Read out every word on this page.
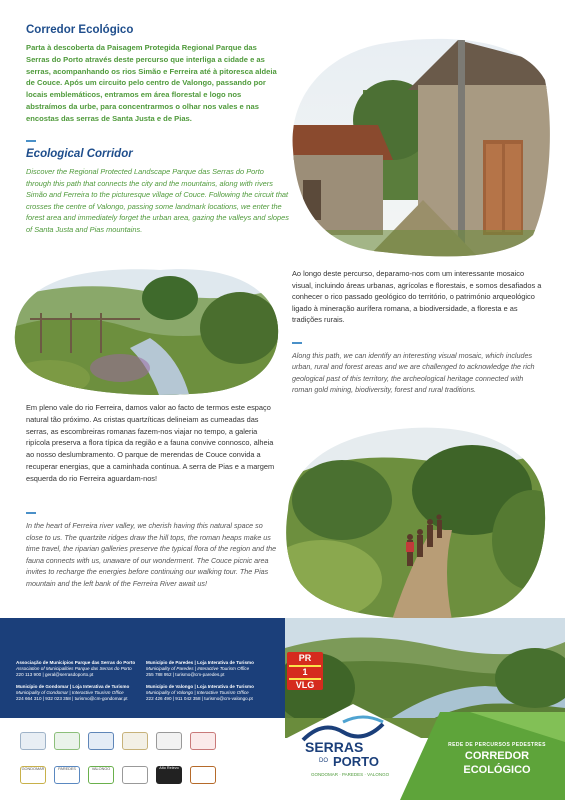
Corredor Ecológico
Parta à descoberta da Paisagem Protegida Regional Parque das Serras do Porto através deste percurso que interliga a cidade e as serras, acompanhando os rios Simão e Ferreira até à pitoresca aldeia de Couce. Após um circuito pelo centro de Valongo, passando por locais emblemáticos, entramos em área florestal e logo nos abstraímos da urbe, para concentrarmos o olhar nos vales e nas encostas das serras de Santa Justa e de Pias.
Ecological Corridor
Discover the Regional Protected Landscape Parque das Serras do Porto through this path that connects the city and the mountains, along with rivers Simão and Ferreira to the picturesque village of Couce. Following the circuit that crosses the centre of Valongo, passing some landmark locations, we enter the forest area and immediately forget the urban area, gazing the valleys and slopes of Santa Justa and Pias mountains.
Ao longo deste percurso, deparamo-nos com um interessante mosaico visual, incluindo áreas urbanas, agrícolas e florestais, e somos desafiados a conhecer o rico passado geológico do território, o património arqueológico ligado à mineração aurífera romana, a biodiversidade, a floresta e as tradições rurais.
Along this path, we can identify an interesting visual mosaic, which includes urban, rural and forest areas and we are challenged to acknowledge the rich geological past of this territory, the archeological heritage connected with roman gold mining, biodiversity, forest and rural traditions.
Em pleno vale do rio Ferreira, damos valor ao facto de termos este espaço natural tão próximo. As cristas quartzíticas delineiam as cumeadas das serras, as escombreiras romanas fazem-nos viajar no tempo, a galeria ripícola preserva a flora típica da região e a fauna convive connosco, alheia ao nosso deslumbramento. O parque de merendas de Couce convida a recuperar energias, que a caminhada continua. A serra de Pias e a margem esquerda do rio Ferreira aguardam-nos!
In the heart of Ferreira river valley, we cherish having this natural space so close to us. The quartzite ridges draw the hill tops, the roman heaps make us time travel, the riparian galleries preserve the typical flora of the region and the fauna connects with us, unaware of our wonderment. The Couce picnic area invites to recharge the energies before continuing our walking tour. The Pias mountain and the left bank of the Ferreira River await us!
Associação de Municípios Parque das Serras do Porto
Association of Municipalities Parque das Serras do Porto
220 113 900 | geral@serrasdoporto.pt
Município de Gondomar | Loja Interativa de Turismo
Municipality of Gondomar | Interactive Tourism Office
224 664 310 | 932 023 358 | turismo@cm-gondomar.pt
Município de Paredes | Loja Interativa de Turismo
Municipality of Paredes | Interactive Tourism Office
255 788 952 | turismo@cm-paredes.pt
Município de Valongo | Loja Interativa de Turismo
Municipality of Valongo | Interactive Tourism Office
222 426 490 | 911 042 358 | turismo@cm-valongo.pt
PR
1
VLG
GONDOMAR	PAREDES	VALONGO	Alto Relevo
SERRAS
DO PORTO
GONDOMAR · PAREDES · VALONGO
REDE DE PERCURSOS PEDESTRES
CORREDOR
ECOLÓGICO
